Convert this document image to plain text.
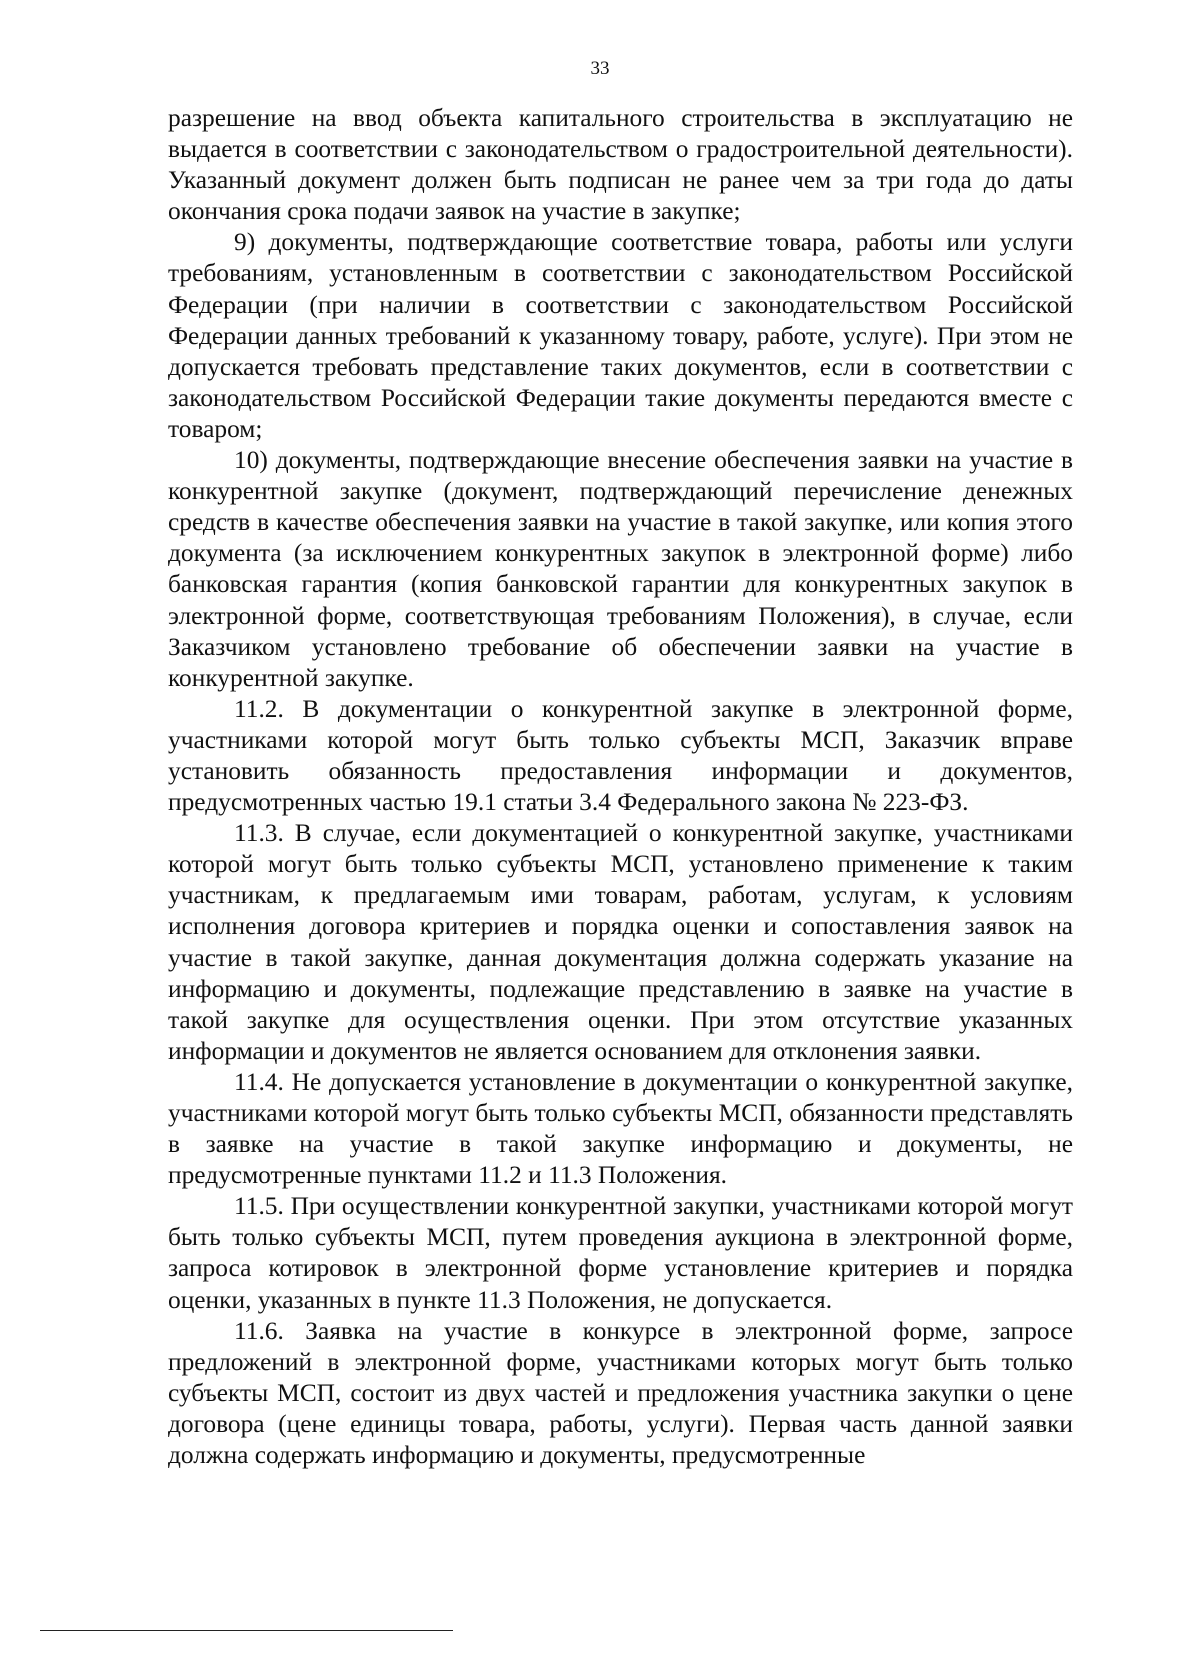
33

разрешение на ввод объекта капитального строительства в эксплуатацию не выдается в соответствии с законодательством о градостроительной деятельности). Указанный документ должен быть подписан не ранее чем за три года до даты окончания срока подачи заявок на участие в закупке;

9) документы, подтверждающие соответствие товара, работы или услуги требованиям, установленным в соответствии с законодательством Российской Федерации (при наличии в соответствии с законодательством Российской Федерации данных требований к указанному товару, работе, услуге). При этом не допускается требовать представление таких документов, если в соответствии с законодательством Российской Федерации такие документы передаются вместе с товаром;

10) документы, подтверждающие внесение обеспечения заявки на участие в конкурентной закупке (документ, подтверждающий перечисление денежных средств в качестве обеспечения заявки на участие в такой закупке, или копия этого документа (за исключением конкурентных закупок в электронной форме) либо банковская гарантия (копия банковской гарантии для конкурентных закупок в электронной форме, соответствующая требованиям Положения), в случае, если Заказчиком установлено требование об обеспечении заявки на участие в конкурентной закупке.

11.2. В документации о конкурентной закупке в электронной форме, участниками которой могут быть только субъекты МСП, Заказчик вправе установить обязанность предоставления информации и документов, предусмотренных частью 19.1 статьи 3.4 Федерального закона № 223-ФЗ.

11.3. В случае, если документацией о конкурентной закупке, участниками которой могут быть только субъекты МСП, установлено применение к таким участникам, к предлагаемым ими товарам, работам, услугам, к условиям исполнения договора критериев и порядка оценки и сопоставления заявок на участие в такой закупке, данная документация должна содержать указание на информацию и документы, подлежащие представлению в заявке на участие в такой закупке для осуществления оценки. При этом отсутствие указанных информации и документов не является основанием для отклонения заявки.

11.4. Не допускается установление в документации о конкурентной закупке, участниками которой могут быть только субъекты МСП, обязанности представлять в заявке на участие в такой закупке информацию и документы, не предусмотренные пунктами 11.2 и 11.3 Положения.

11.5. При осуществлении конкурентной закупки, участниками которой могут быть только субъекты МСП, путем проведения аукциона в электронной форме, запроса котировок в электронной форме установление критериев и порядка оценки, указанных в пункте 11.3 Положения, не допускается.

11.6. Заявка на участие в конкурсе в электронной форме, запросе предложений в электронной форме, участниками которых могут быть только субъекты МСП, состоит из двух частей и предложения участника закупки о цене договора (цене единицы товара, работы, услуги). Первая часть данной заявки должна содержать информацию и документы, предусмотренные
